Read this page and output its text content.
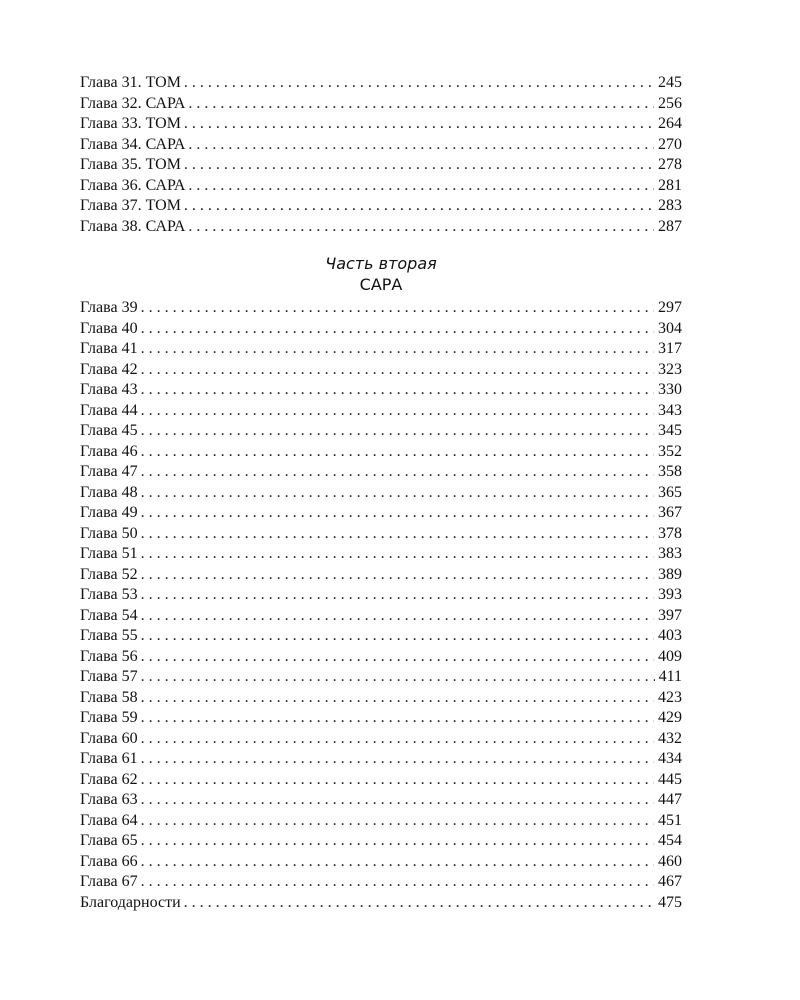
Глава 31. ТОМ . . .	245
Глава 32. САРА . . .	256
Глава 33. ТОМ . . .	264
Глава 34. САРА . . .	270
Глава 35. ТОМ . . .	278
Глава 36. САРА . . .	281
Глава 37. ТОМ . . .	283
Глава 38. САРА . . .	287
Часть вторая
САРА
Глава 39 . . .	297
Глава 40 . . .	304
Глава 41 . . .	317
Глава 42 . . .	323
Глава 43 . . .	330
Глава 44 . . .	343
Глава 45 . . .	345
Глава 46 . . .	352
Глава 47 . . .	358
Глава 48 . . .	365
Глава 49 . . .	367
Глава 50 . . .	378
Глава 51 . . .	383
Глава 52 . . .	389
Глава 53 . . .	393
Глава 54 . . .	397
Глава 55 . . .	403
Глава 56 . . .	409
Глава 57 . . .	411
Глава 58 . . .	423
Глава 59 . . .	429
Глава 60 . . .	432
Глава 61 . . .	434
Глава 62 . . .	445
Глава 63 . . .	447
Глава 64 . . .	451
Глава 65 . . .	454
Глава 66 . . .	460
Глава 67 . . .	467
Благодарности . . .	475
